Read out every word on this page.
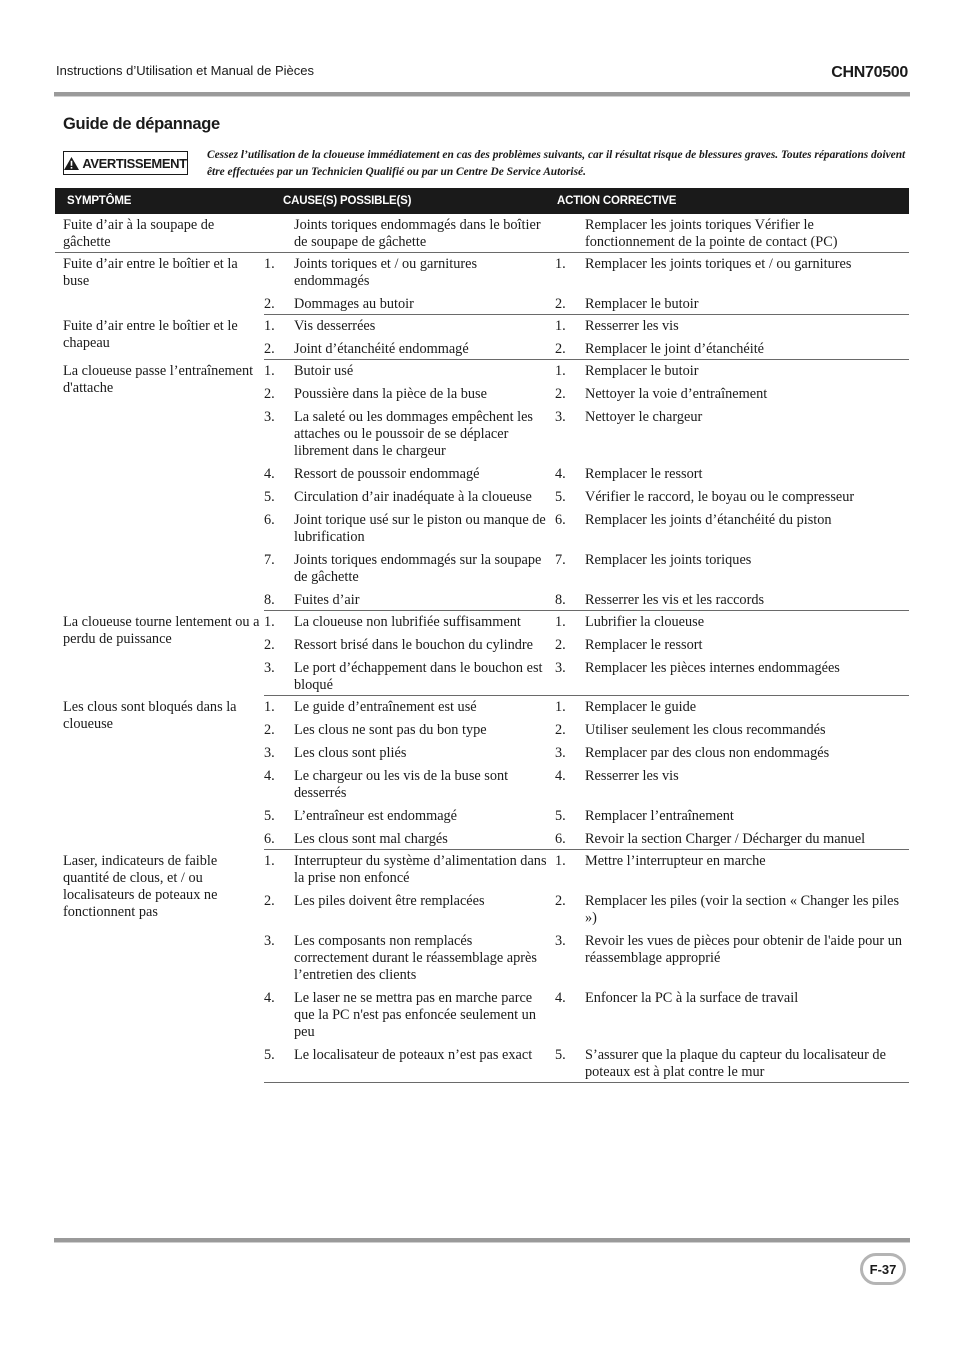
Instructions d’Utilisation et Manual de Pièces	CHN70500
Guide de dépannage
AVERTISSEMENT
Cessez l’utilisation de la cloueuse immédiatement en cas des problèmes suivants, car il résultat risque de blessures graves. Toutes réparations doivent être effectuées par un Technicien Qualifié ou par un Centre De Service Autorisé.
SYMPTÔME	CAUSE(S) POSSIBLE(S)		ACTION CORRECTIVE	
Fuite d’air à la soupape de gâchette		Joints toriques endommagés dans le boîtier de soupape de gâchette		Remplacer les joints toriques Vérifier le fonctionnement de la pointe de contact (PC)
Fuite d’air entre le boîtier et la buse	1.	Joints toriques et / ou garnitures endommagés	1.	Remplacer les joints toriques et / ou garnitures
	2.	Dommages au butoir	2.	Remplacer le butoir
Fuite d’air entre le boîtier et le chapeau	1.	Vis desserrées	1.	Resserrer les vis
	2.	Joint d’étanchéité endommagé	2.	Remplacer le joint d’étanchéité
La cloueuse passe l’entraînement d'attache	1.	Butoir usé	1.	Remplacer le butoir
	2.	Poussière dans la pièce de la buse	2.	Nettoyer la voie d’entraînement
	3.	La saleté ou les dommages empêchent les attaches ou le poussoir de se déplacer librement dans le chargeur	3.	Nettoyer le chargeur
	4.	Ressort de poussoir endommagé	4.	Remplacer le ressort
	5.	Circulation d’air inadéquate à la cloueuse	5.	Vérifier le raccord, le boyau ou le compresseur
	6.	Joint torique usé sur le piston ou manque de lubrification	6.	Remplacer les joints d’étanchéité du piston
	7.	Joints toriques endommagés sur la soupape de gâchette	7.	Remplacer les joints toriques
	8.	Fuites d’air	8.	Resserrer les vis et les raccords
La cloueuse tourne lentement ou a perdu de puissance	1.	La cloueuse non lubrifiée suffisamment	1.	Lubrifier la cloueuse
	2.	Ressort brisé dans le bouchon du cylindre	2.	Remplacer le ressort
	3.	Le port d’échappement dans le bouchon est bloqué	3.	Remplacer les pièces internes endommagées
Les clous sont bloqués dans la cloueuse	1.	Le guide d’entraînement est usé	1.	Remplacer le guide
	2.	Les clous ne sont pas du bon type	2.	Utiliser seulement les clous recommandés
	3.	Les clous sont pliés	3.	Remplacer par des clous non endommagés
	4.	Le chargeur ou les vis de la buse sont desserrés	4.	Resserrer les vis
	5.	L’entraîneur est endommagé	5.	Remplacer l’entraînement
	6.	Les clous sont mal chargés	6.	Revoir la section Charger / Décharger du manuel
Laser, indicateurs de faible quantité de clous, et / ou localisateurs de poteaux ne fonctionnent pas	1.	Interrupteur du système d’alimentation dans la prise non enfoncé	1.	Mettre l’interrupteur en marche
	2.	Les piles doivent être remplacées	2.	Remplacer les piles (voir la section « Changer les piles »)
	3.	Les composants non remplacés correctement durant le réassemblage après l’entretien des clients	3.	Revoir les vues de pièces pour obtenir de l'aide pour un réassemblage approprié
	4.	Le laser ne se mettra pas en marche parce que la PC n'est pas enfoncée seulement un peu	4.	Enfoncer la PC à la surface de travail
	5.	Le localisateur de poteaux n’est pas exact	5.	S’assurer que la plaque du capteur du localisateur de poteaux est à plat contre le mur
F-37
